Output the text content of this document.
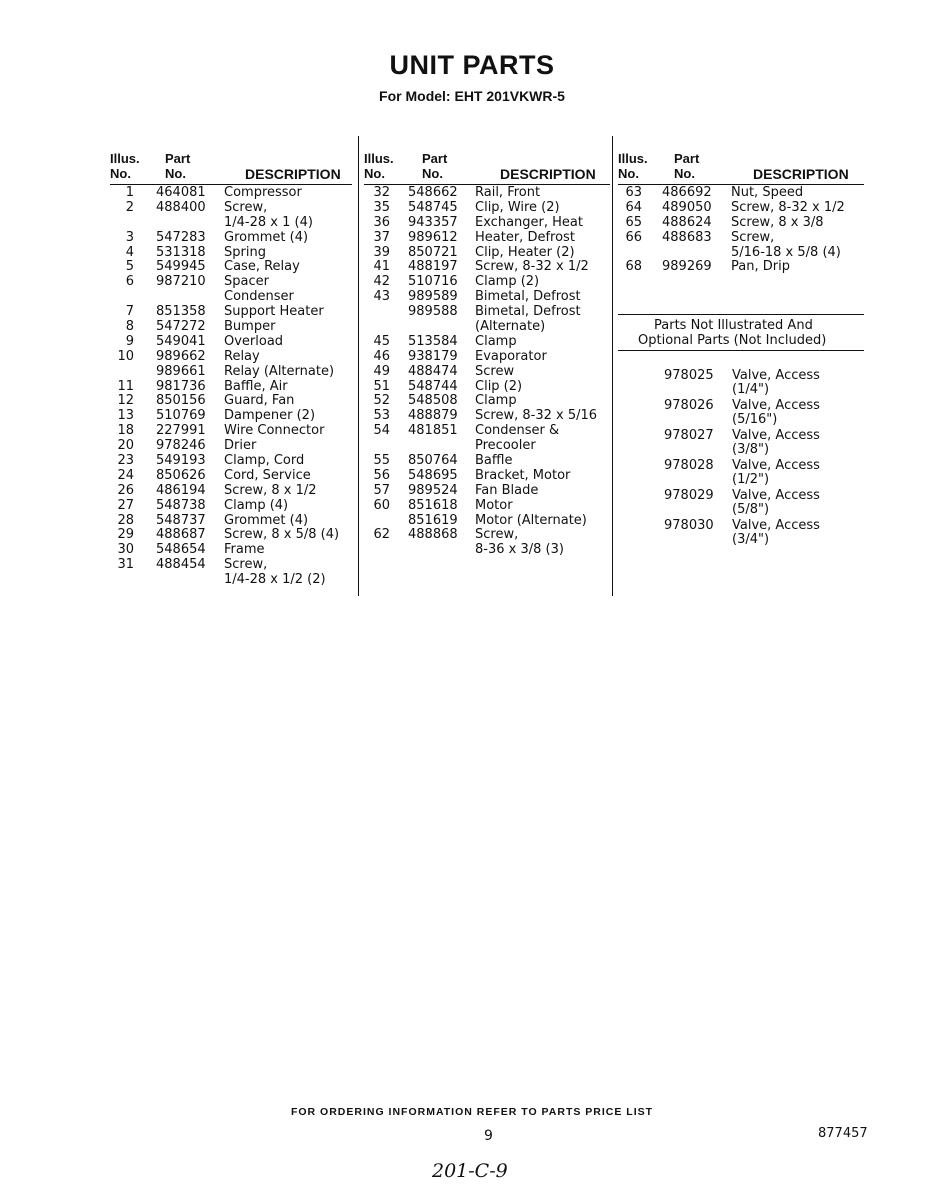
UNIT PARTS
For Model: EHT 201VKWR-5
Illus.
No.
Part
No.	DESCRIPTION
1 464081 Compressor
2 488400 Screw,
1/4-28 x 1 (4)
3 547283 Grommet (4)
4 531318 Spring
5 549945 Case, Relay
6 987210 Spacer
Condenser
7 851358 Support Heater
8 547272 Bumper
9 549041 Overload
10 989662 Relay
989661 Relay (Alternate)
11 981736 Baffle, Air
12 850156 Guard, Fan
13 510769 Dampener (2)
18 227991 Wire Connector
20 978246 Drier
23 549193 Clamp, Cord
24 850626 Cord, Service
26 486194 Screw, 8 x 1/2
27 548738 Clamp (4)
28 548737 Grommet (4)
29 488687 Screw, 8 x 5/8 (4)
30 548654 Frame
31 488454 Screw,
1/4-28 x 1/2 (2)
Illus.
No.
Part
No.	DESCRIPTION
32 548662 Rail, Front
35 548745 Clip, Wire (2)
36 943357 Exchanger, Heat
37 989612 Heater, Defrost
39 850721 Clip, Heater (2)
41 488197 Screw, 8-32 x 1/2
42 510716 Clamp (2)
43 989589 Bimetal, Defrost
989588 Bimetal, Defrost
(Alternate)
45 513584 Clamp
46 938179 Evaporator
49 488474 Screw
51 548744 Clip (2)
52 548508 Clamp
53 488879 Screw, 8-32 x 5/16
54 481851 Condenser &
Precooler
55 850764 Baffle
56 548695 Bracket, Motor
57 989524 Fan Blade
60 851618 Motor
851619 Motor (Alternate)
62 488868 Screw,
8-36 x 3/8 (3)
Illus.
No.
Part
No.	DESCRIPTION
63 486692 Nut, Speed
64 489050 Screw, 8-32 x 1/2
65 488624 Screw, 8 x 3/8
66 488683 Screw,
5/16-18 x 5/8 (4)
68 989269 Pan, Drip
Parts Not Illustrated And
Optional Parts (Not Included)
978025 Valve, Access
(1/4")
978026 Valve, Access
(5/16")
978027 Valve, Access
(3/8")
978028 Valve, Access
(1/2")
978029 Valve, Access
(5/8")
978030 Valve, Access
(3/4")
FOR ORDERING INFORMATION REFER TO PARTS PRICE LIST
9	877457
201-C-9
